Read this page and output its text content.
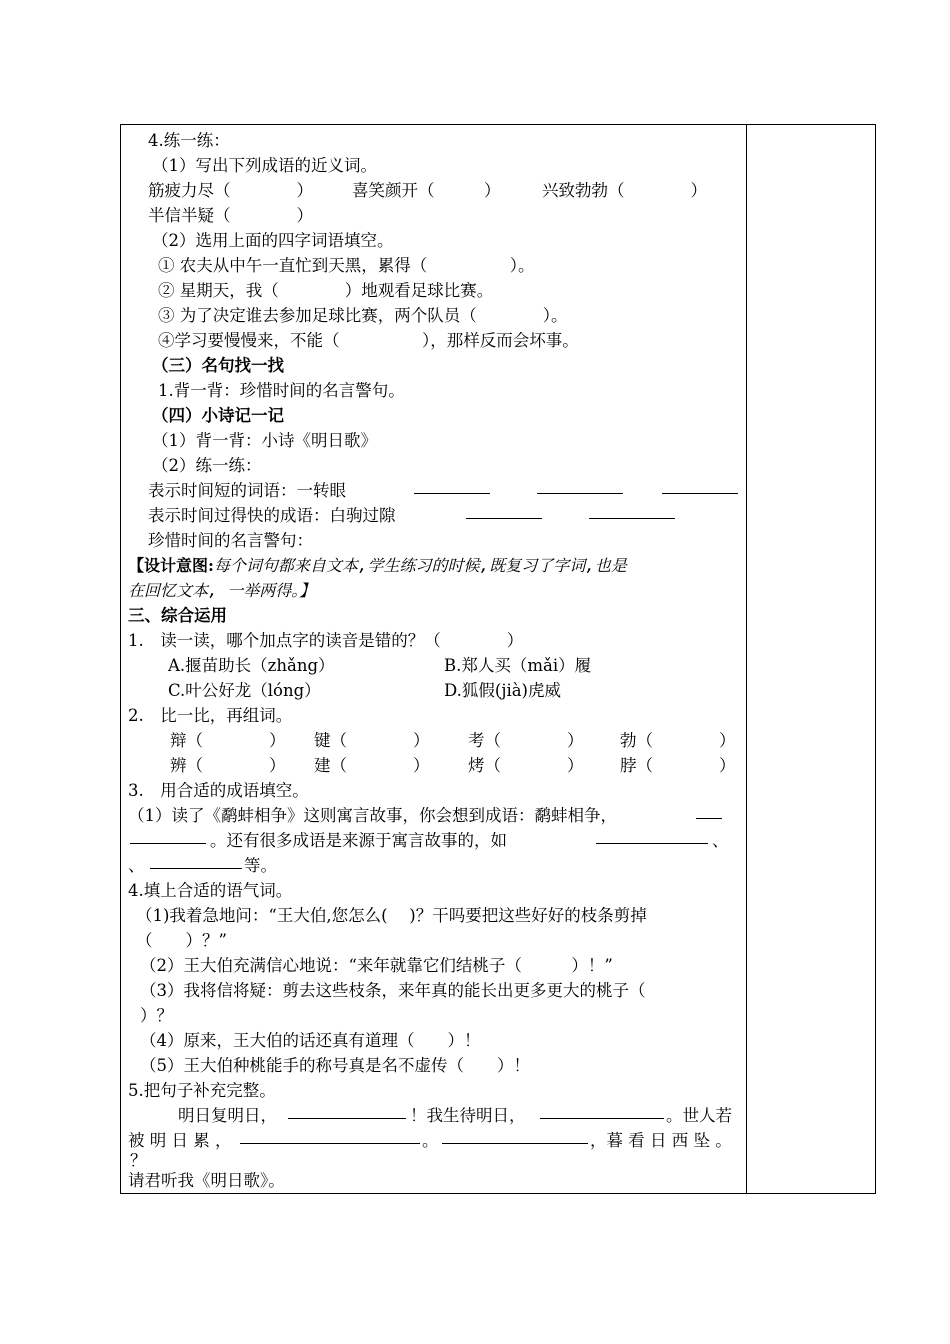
4.练一练：
（1）写出下列成语的近义词。
筋疲力尽（　　　　） 喜笑颜开（　　　）	兴致勃勃（　　　　）
半信半疑（　　　　）
（2）选用上面的四字词语填空。
① 农夫从中午一直忙到天黑，累得（　　　　　）。
② 星期天，我（　　　　）地观看足球比赛。
③ 为了决定谁去参加足球比赛，两个队员（　　　　）。
④学习要慢慢来，不能（　　　　　），那样反而会坏事。
（三）名句找一找
1.背一背：珍惜时间的名言警句。
（四）小诗记一记
（1）背一背：小诗《明日歌》
（2）练一练：
表示时间短的词语：一转眼
表示时间过得快的成语：白驹过隙
珍惜时间的名言警句：
【设计意图:每个词句都来自文本,学生练习的时候,既复习了字词,也是
在回忆文本, 一举两得。】
三、综合运用
1.　读一读，哪个加点字的读音是错的？（　　　　）
A.揠苗助长（zhǎng）	B.郑人买（mǎi）履
C.叶公好龙（lóng）	D.狐假(jià)虎威
2.　比一比，再组词。
辩（　　　　） 键（　　　　） 考（　　　　） 勃（　　　　）
辨（　　　　） 建（　　　　） 烤（　　　　） 脖（　　　　）
3.　用合适的成语填空。
（1）读了《鹬蚌相争》这则寓言故事，你会想到成语：鹬蚌相争，
。还有很多成语是来源于寓言故事的，如	、
、	等。
4.填上合适的语气词。
（1)我着急地问：“王大伯,您怎么(　 )？干吗要把这些好好的枝条剪掉
（　　）？”
（2）王大伯充满信心地说：“来年就靠它们结桃子（　　　）！”
（3）我将信将疑：剪去这些枝条，来年真的能长出更多更大的桃子（
）？
（4）原来，王大伯的话还真有道理（　　）！
（5）王大伯种桃能手的称号真是名不虚传（　　）！
5.把句子补充完整。
明日复明日，	！我生待明日，	。世人若
被 明 日 累 ，	。	，暮 看 日 西 坠 。
？
请君听我《明日歌》。
